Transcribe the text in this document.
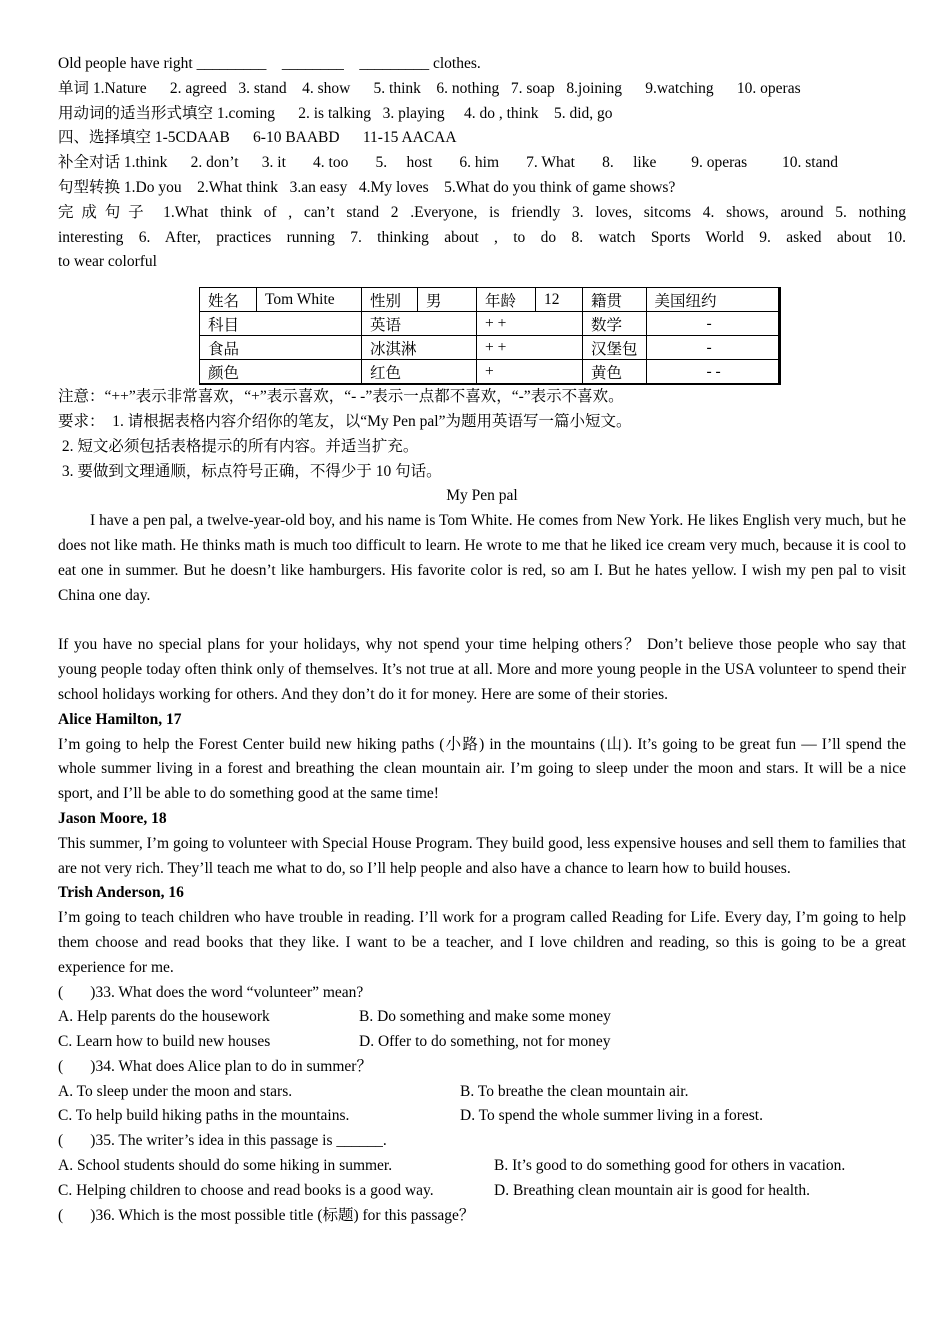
Old people have right _________    ________    _________ clothes.
单词 1.Nature      2. agreed   3. stand    4. show      5. think    6. nothing   7. soap   8.joining      9.watching      10. operas
用动词的适当形式填空 1.coming      2. is talking   3. playing     4. do , think    5. did, go
四、选择填空 1-5CDAAB      6-10 BAABD      11-15 AACAA
补全对话 1.think      2. don’t      3. it       4. too       5.     host       6. him       7. What       8.     like         9. operas         10. stand
句型转换 1.Do you    2.What think   3.an easy   4.My loves    5.What do you think of game shows?
完成句子 1.What think of , can’t stand 2 .Everyone, is friendly 3. loves, sitcoms 4. shows, around 5. nothing
interesting 6. After, practices running 7. thinking about , to do 8. watch Sports World 9. asked about 10.
to wear colorful
姓名	Tom White	性别	男	年龄	12	籍贯	美国纽约
科目		英语		+ +		数学	-
食品		冰淇淋		+ +		汉堡包	-
颜色		红色		+		黄色	- -
注意：“++”表示非常喜欢，“+”表示喜欢，“- -”表示一点都不喜欢，“-”表示不喜欢。
要求：  1. 请根据表格内容介绍你的笔友，以“My Pen pal”为题用英语写一篇小短文。
2. 短文必须包括表格提示的所有内容。并适当扩充。
3. 要做到文理通顺，标点符号正确，不得少于 10 句话。
My Pen pal
I have a pen pal, a twelve-year-old boy, and his name is Tom White. He comes from New York. He likes English very much, but he does not like math. He thinks math is much too difficult to learn. He wrote to me that he liked ice cream very much, because it is cool to eat one in summer. But he doesn’t like hamburgers. His favorite color is red, so am I. But he hates yellow. I wish my pen pal to visit China one day.
If you have no special plans for your holidays, why not spend your time helping others？ Don’t believe those people who say that young people today often think only of themselves. It’s not true at all. More and more young people in the USA volunteer to spend their school holidays working for others. And they don’t do it for money. Here are some of their stories.
Alice Hamilton, 17
I’m going to help the Forest Center build new hiking paths (小路) in the mountains (山). It’s going to be great fun — I’ll spend the whole summer living in a forest and breathing the clean mountain air. I’m going to sleep under the moon and stars. It will be a nice sport, and I’ll be able to do something good at the same time!
Jason Moore, 18
This summer, I’m going to volunteer with Special House Program. They build good, less expensive houses and sell them to families that are not very rich. They’ll teach me what to do, so I’ll help people and also have a chance to learn how to build houses.
Trish Anderson, 16
I’m going to teach children who have trouble in reading. I’ll work for a program called Reading for Life. Every day, I’m going to help them choose and read books that they like. I want to be a teacher, and I love children and reading, so this is going to be a great experience for me.
(       )33. What does the word “volunteer” mean?
A. Help parents do the housework	B. Do something and make some money
C. Learn how to build new houses	D. Offer to do something, not for money
(       )34. What does Alice plan to do in summer？
A. To sleep under the moon and stars.	B. To breathe the clean mountain air.
C. To help build hiking paths in the mountains.	D. To spend the whole summer living in a forest.
(       )35. The writer’s idea in this passage is ______.
A. School students should do some hiking in summer.	B. It’s good to do something good for others in vacation.
C. Helping children to choose and read books is a good way.	D. Breathing clean mountain air is good for health.
(       )36. Which is the most possible title (标题) for this passage？
